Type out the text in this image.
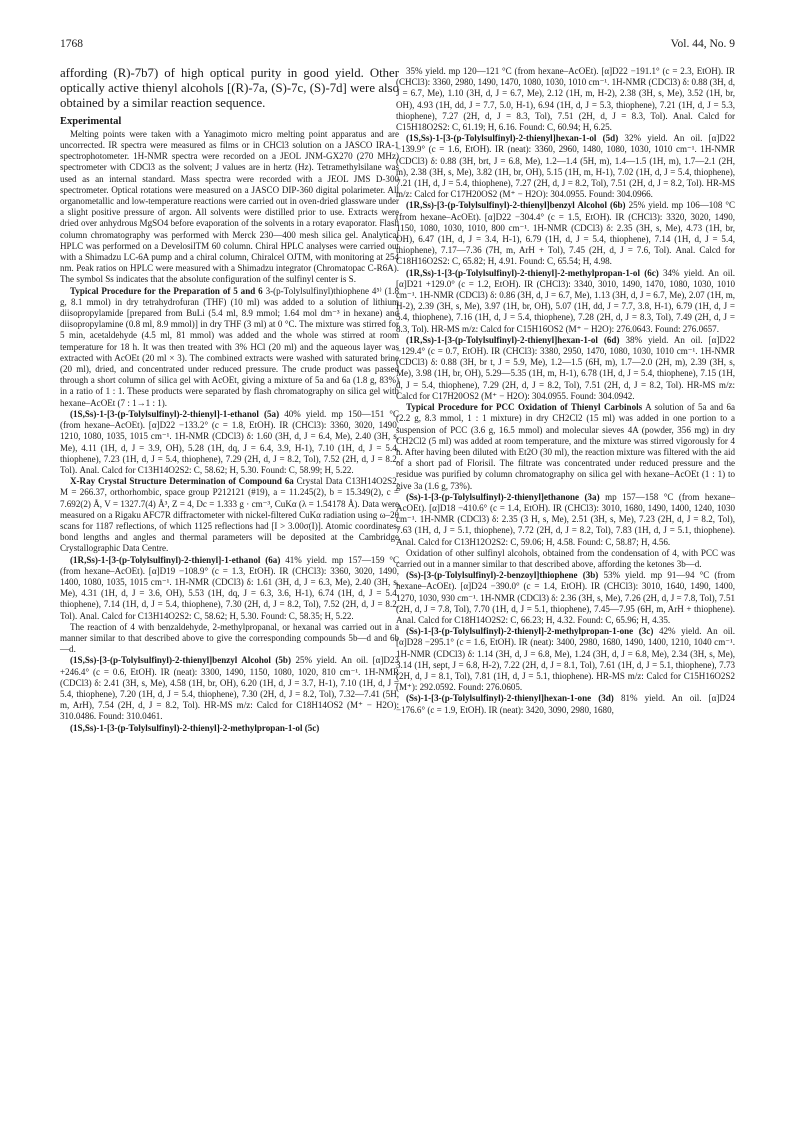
1768	Vol. 44, No. 9

affording (R)-7b7) of high optical purity in good yield. Other optically active thienyl alcohols [(R)-7a, (S)-7c, (S)-7d] were also obtained by a similar reaction sequence.

Experimental

Melting points were taken with a Yanagimoto micro melting point apparatus and are uncorrected. IR spectra were measured as films or in CHCl3 solution on a JASCO IRA-1 spectrophotometer. 1H-NMR spectra were recorded on a JEOL JNM-GX270 (270 MHz) spectrometer with CDCl3 as the solvent; J values are in hertz (Hz). Tetramethylsilane was used as an internal standard. Mass spectra were recorded with a JEOL JMS D-300 spectrometer. Optical rotations were measured on a JASCO DIP-360 digital polarimeter. All organometallic and low-temperature reactions were carried out in oven-dried glassware under a slight positive pressure of argon. All solvents were distilled prior to use. Extracts were dried over anhydrous MgSO4 before evaporation of the solvents in a rotary evaporator. Flash column chromatography was performed with Merck 230—400 mesh silica gel. Analytical HPLC was performed on a DevelosilTM 60 column. Chiral HPLC analyses were carried out with a Shimadzu LC-6A pump and a chiral column, Chiralcel OJTM, with monitoring at 254 nm. Peak ratios on HPLC were measured with a Shimadzu integrator (Chromatopac C-R6A). The symbol Ss indicates that the absolute configuration of the sulfinyl center is S.

Typical Procedure for the Preparation of 5 and 6 3-(p-Tolylsulfinyl)thiophene 4⁵⁾ (1.8 g, 8.1 mmol) in dry tetrahydrofuran (THF) (10 ml) was added to a solution of lithium diisopropylamide [prepared from BuLi (5.4 ml, 8.9 mmol; 1.64 mol dm⁻³ in hexane) and diisopropylamine (0.8 ml, 8.9 mmol)] in dry THF (3 ml) at 0 °C. The mixture was stirred for 5 min, acetaldehyde (4.5 ml, 81 mmol) was added and the whole was stirred at room temperature for 18 h. It was then treated with 3% HCl (20 ml) and the aqueous layer was extracted with AcOEt (20 ml × 3). The combined extracts were washed with saturated brine (20 ml), dried, and concentrated under reduced pressure. The crude product was passed through a short column of silica gel with AcOEt, giving a mixture of 5a and 6a (1.8 g, 83%) in a ratio of 1 : 1. These products were separated by flash chromatography on silica gel with hexane–AcOEt (7 : 1→1 : 1).

(1S,Ss)-1-[3-(p-Tolylsulfinyl)-2-thienyl]-1-ethanol (5a) 40% yield. mp 150—151 °C (from hexane–AcOEt). [α]D22 −133.2° (c = 1.8, EtOH). IR (CHCl3): 3360, 3020, 1490, 1210, 1080, 1035, 1015 cm⁻¹. 1H-NMR (CDCl3) δ: 1.60 (3H, d, J = 6.4, Me), 2.40 (3H, s, Me), 4.11 (1H, d, J = 3.9, OH), 5.28 (1H, dq, J = 6.4, 3.9, H-1), 7.10 (1H, d, J = 5.4, thiophene), 7.23 (1H, d, J = 5.4, thiophene), 7.29 (2H, d, J = 8.2, Tol), 7.52 (2H, d, J = 8.2, Tol). Anal. Calcd for C13H14O2S2: C, 58.62; H, 5.30. Found: C, 58.99; H, 5.22.

X-Ray Crystal Structure Determination of Compound 6a Crystal Data C13H14O2S2, M = 266.37, orthorhombic, space group P212121 (#19), a = 11.245(2), b = 15.349(2), c = 7.692(2) Å, V = 1327.7(4) Å³, Z = 4, Dc = 1.333 g · cm⁻³, CuKα (λ = 1.54178 Å). Data were measured on a Rigaku AFC7R diffractometer with nickel-filtered CuKα radiation using ω–2θ scans for 1187 reflections, of which 1125 reflections had [I > 3.00σ(I)]. Atomic coordinates, bond lengths and angles and thermal parameters will be deposited at the Cambridge Crystallographic Data Centre.

(1R,Ss)-1-[3-(p-Tolylsulfinyl)-2-thienyl]-1-ethanol (6a) 41% yield. mp 157—159 °C (from hexane–AcOEt). [α]D19 −108.9° (c = 1.3, EtOH). IR (CHCl3): 3360, 3020, 1490, 1400, 1080, 1035, 1015 cm⁻¹. 1H-NMR (CDCl3) δ: 1.61 (3H, d, J = 6.3, Me), 2.40 (3H, s, Me), 4.31 (1H, d, J = 3.6, OH), 5.53 (1H, dq, J = 6.3, 3.6, H-1), 6.74 (1H, d, J = 5.4, thiophene), 7.14 (1H, d, J = 5.4, thiophene), 7.30 (2H, d, J = 8.2, Tol), 7.52 (2H, d, J = 8.2, Tol). Anal. Calcd for C13H14O2S2: C, 58.62; H, 5.30. Found: C, 58.35; H, 5.22.

The reaction of 4 with benzaldehyde, 2-methylpropanal, or hexanal was carried out in a manner similar to that described above to give the corresponding compounds 5b—d and 6b—d.

(1S,Ss)-[3-(p-Tolylsulfinyl)-2-thienyl]benzyl Alcohol (5b) 25% yield. An oil. [α]D23 +246.4° (c = 0.6, EtOH). IR (neat): 3300, 1490, 1150, 1080, 1020, 810 cm⁻¹. 1H-NMR (CDCl3) δ: 2.41 (3H, s, Me), 4.58 (1H, br, OH), 6.20 (1H, d, J = 3.7, H-1), 7.10 (1H, d, J = 5.4, thiophene), 7.20 (1H, d, J = 5.4, thiophene), 7.30 (2H, d, J = 8.2, Tol), 7.32—7.41 (5H, m, ArH), 7.54 (2H, d, J = 8.2, Tol). HR-MS m/z: Calcd for C18H14OS2 (M⁺ − H2O): 310.0486. Found: 310.0461.

(1S,Ss)-1-[3-(p-Tolylsulfinyl)-2-thienyl]-2-methylpropan-1-ol (5c)

35% yield. mp 120—121 °C (from hexane–AcOEt). [α]D22 −191.1° (c = 2.3, EtOH). IR (CHCl3): 3360, 2980, 1490, 1470, 1080, 1030, 1010 cm⁻¹. 1H-NMR (CDCl3) δ: 0.88 (3H, d, J = 6.7, Me), 1.10 (3H, d, J = 6.7, Me), 2.12 (1H, m, H-2), 2.38 (3H, s, Me), 3.52 (1H, br, OH), 4.93 (1H, dd, J = 7.7, 5.0, H-1), 6.94 (1H, d, J = 5.3, thiophene), 7.21 (1H, d, J = 5.3, thiophene), 7.27 (2H, d, J = 8.3, Tol), 7.51 (2H, d, J = 8.3, Tol). Anal. Calcd for C15H18O2S2: C, 61.19; H, 6.16. Found: C, 60.94; H, 6.25.

(1S,Ss)-1-[3-(p-Tolylsulfinyl)-2-thienyl]hexan-1-ol (5d) 32% yield. An oil. [α]D22 −139.9° (c = 1.6, EtOH). IR (neat): 3360, 2960, 1480, 1080, 1030, 1010 cm⁻¹. 1H-NMR (CDCl3) δ: 0.88 (3H, brt, J = 6.8, Me), 1.2—1.4 (5H, m), 1.4—1.5 (1H, m), 1.7—2.1 (2H, m), 2.38 (3H, s, Me), 3.82 (1H, br, OH), 5.15 (1H, m, H-1), 7.02 (1H, d, J = 5.4, thiophene), 7.21 (1H, d, J = 5.4, thiophene), 7.27 (2H, d, J = 8.2, Tol), 7.51 (2H, d, J = 8.2, Tol). HR-MS m/z: Calcd for C17H20OS2 (M⁺ − H2O): 304.0955. Found: 304.0966.

(1R,Ss)-[3-(p-Tolylsulfinyl)-2-thienyl]benzyl Alcohol (6b) 25% yield. mp 106—108 °C (from hexane–AcOEt). [α]D22 −304.4° (c = 1.5, EtOH). IR (CHCl3): 3320, 3020, 1490, 1150, 1080, 1030, 1010, 800 cm⁻¹. 1H-NMR (CDCl3) δ: 2.35 (3H, s, Me), 4.73 (1H, br, OH), 6.47 (1H, d, J = 3.4, H-1), 6.79 (1H, d, J = 5.4, thiophene), 7.14 (1H, d, J = 5.4, thiophene), 7.17—7.36 (7H, m, ArH + Tol), 7.45 (2H, d, J = 7.6, Tol). Anal. Calcd for C18H16O2S2: C, 65.82; H, 4.91. Found: C, 65.54; H, 4.98.

(1R,Ss)-1-[3-(p-Tolylsulfinyl)-2-thienyl]-2-methylpropan-1-ol (6c) 34% yield. An oil. [α]D21 +129.0° (c = 1.2, EtOH). IR (CHCl3): 3340, 3010, 1490, 1470, 1080, 1030, 1010 cm⁻¹. 1H-NMR (CDCl3) δ: 0.86 (3H, d, J = 6.7, Me), 1.13 (3H, d, J = 6.7, Me), 2.07 (1H, m, H-2), 2.39 (3H, s, Me), 3.97 (1H, br, OH), 5.07 (1H, dd, J = 7.7, 3.8, H-1), 6.79 (1H, d, J = 5.4, thiophene), 7.16 (1H, d, J = 5.4, thiophene), 7.28 (2H, d, J = 8.3, Tol), 7.49 (2H, d, J = 8.3, Tol). HR-MS m/z: Calcd for C15H16OS2 (M⁺ − H2O): 276.0643. Found: 276.0657.

(1R,Ss)-1-[3-(p-Tolylsulfinyl)-2-thienyl]hexan-1-ol (6d) 38% yield. An oil. [α]D22 −129.4° (c = 0.7, EtOH). IR (CHCl3): 3380, 2950, 1470, 1080, 1030, 1010 cm⁻¹. 1H-NMR (CDCl3) δ: 0.88 (3H, br t, J = 5.9, Me), 1.2—1.5 (6H, m), 1.7—2.0 (2H, m), 2.39 (3H, s, Me), 3.98 (1H, br, OH), 5.29—5.35 (1H, m, H-1), 6.78 (1H, d, J = 5.4, thiophene), 7.15 (1H, d, J = 5.4, thiophene), 7.29 (2H, d, J = 8.2, Tol), 7.51 (2H, d, J = 8.2, Tol). HR-MS m/z: Calcd for C17H20OS2 (M⁺ − H2O): 304.0955. Found: 304.0942.

Typical Procedure for PCC Oxidation of Thienyl Carbinols A solution of 5a and 6a (2.2 g, 8.3 mmol, 1 : 1 mixture) in dry CH2Cl2 (15 ml) was added in one portion to a suspension of PCC (3.6 g, 16.5 mmol) and molecular sieves 4A (powder, 356 mg) in dry CH2Cl2 (5 ml) was added at room temperature, and the mixture was stirred vigorously for 4 h. After having been diluted with Et2O (30 ml), the reaction mixture was filtered with the aid of a short pad of Florisil. The filtrate was concentrated under reduced pressure and the residue was purified by column chromatography on silica gel with hexane–AcOEt (1 : 1) to give 3a (1.6 g, 73%).

(Ss)-1-[3-(p-Tolylsulfinyl)-2-thienyl]ethanone (3a) mp 157—158 °C (from hexane–AcOEt). [α]D18 −410.6° (c = 1.4, EtOH). IR (CHCl3): 3010, 1680, 1490, 1400, 1240, 1030 cm⁻¹. 1H-NMR (CDCl3) δ: 2.35 (3 H, s, Me), 2.51 (3H, s, Me), 7.23 (2H, d, J = 8.2, Tol), 7.63 (1H, d, J = 5.1, thiophene), 7.72 (2H, d, J = 8.2, Tol), 7.83 (1H, d, J = 5.1, thiophene). Anal. Calcd for C13H12O2S2: C, 59.06; H, 4.58. Found: C, 58.87; H, 4.56.

Oxidation of other sulfinyl alcohols, obtained from the condensation of 4, with PCC was carried out in a manner similar to that described above, affording the ketones 3b—d.

(Ss)-[3-(p-Tolylsulfinyl)-2-benzoyl]thiophene (3b) 53% yield. mp 91—94 °C (from hexane–AcOEt). [α]D24 −390.0° (c = 1.4, EtOH). IR (CHCl3): 3010, 1640, 1490, 1400, 1270, 1030, 930 cm⁻¹. 1H-NMR (CDCl3) δ: 2.36 (3H, s, Me), 7.26 (2H, d, J = 7.8, Tol), 7.51 (2H, d, J = 7.8, Tol), 7.70 (1H, d, J = 5.1, thiophene), 7.45—7.95 (6H, m, ArH + thiophene). Anal. Calcd for C18H14O2S2: C, 66.23; H, 4.32. Found: C, 65.96; H, 4.35.

(Ss)-1-[3-(p-Tolylsulfinyl)-2-thienyl]-2-methylpropan-1-one (3c) 42% yield. An oil. [α]D28 −295.1° (c = 1.6, EtOH). IR (neat): 3400, 2980, 1680, 1490, 1400, 1210, 1040 cm⁻¹. 1H-NMR (CDCl3) δ: 1.14 (3H, d, J = 6.8, Me), 1.24 (3H, d, J = 6.8, Me), 2.34 (3H, s, Me), 3.14 (1H, sept, J = 6.8, H-2), 7.22 (2H, d, J = 8.1, Tol), 7.61 (1H, d, J = 5.1, thiophene), 7.73 (2H, d, J = 8.1, Tol), 7.81 (1H, d, J = 5.1, thiophene). HR-MS m/z: Calcd for C15H16O2S2 (M⁺): 292.0592. Found: 276.0605.

(Ss)-1-[3-(p-Tolylsulfinyl)-2-thienyl]hexan-1-one (3d) 81% yield. An oil. [α]D24 −176.6° (c = 1.9, EtOH). IR (neat): 3420, 3090, 2980, 1680,
